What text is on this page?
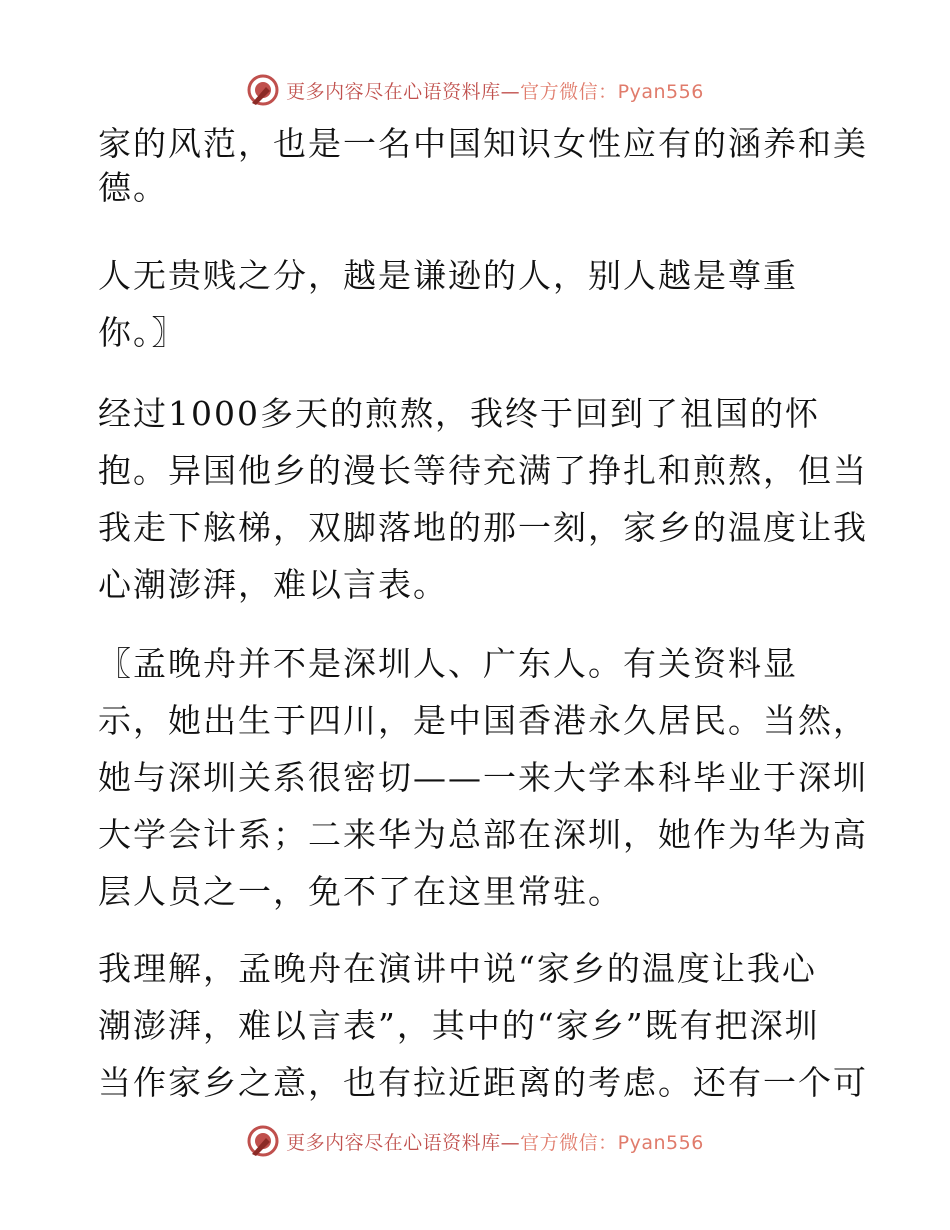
更多内容尽在心语资料库—官方微信：Pyan556

家的风范，也是一名中国知识女性应有的涵养和美
德。

人无贵贱之分，越是谦逊的人，别人越是尊重
你。〗

经过1000多天的煎熬，我终于回到了祖国的怀
抱。异国他乡的漫长等待充满了挣扎和煎熬，但当
我走下舷梯，双脚落地的那一刻，家乡的温度让我
心潮澎湃，难以言表。

〖孟晚舟并不是深圳人、广东人。有关资料显
示，她出生于四川，是中国香港永久居民。当然，
她与深圳关系很密切——一来大学本科毕业于深圳
大学会计系；二来华为总部在深圳，她作为华为高
层人员之一，免不了在这里常驻。

我理解，孟晚舟在演讲中说“家乡的温度让我心
潮澎湃，难以言表”，其中的“家乡”既有把深圳
当作家乡之意，也有拉近距离的考虑。还有一个可

更多内容尽在心语资料库—官方微信：Pyan556
